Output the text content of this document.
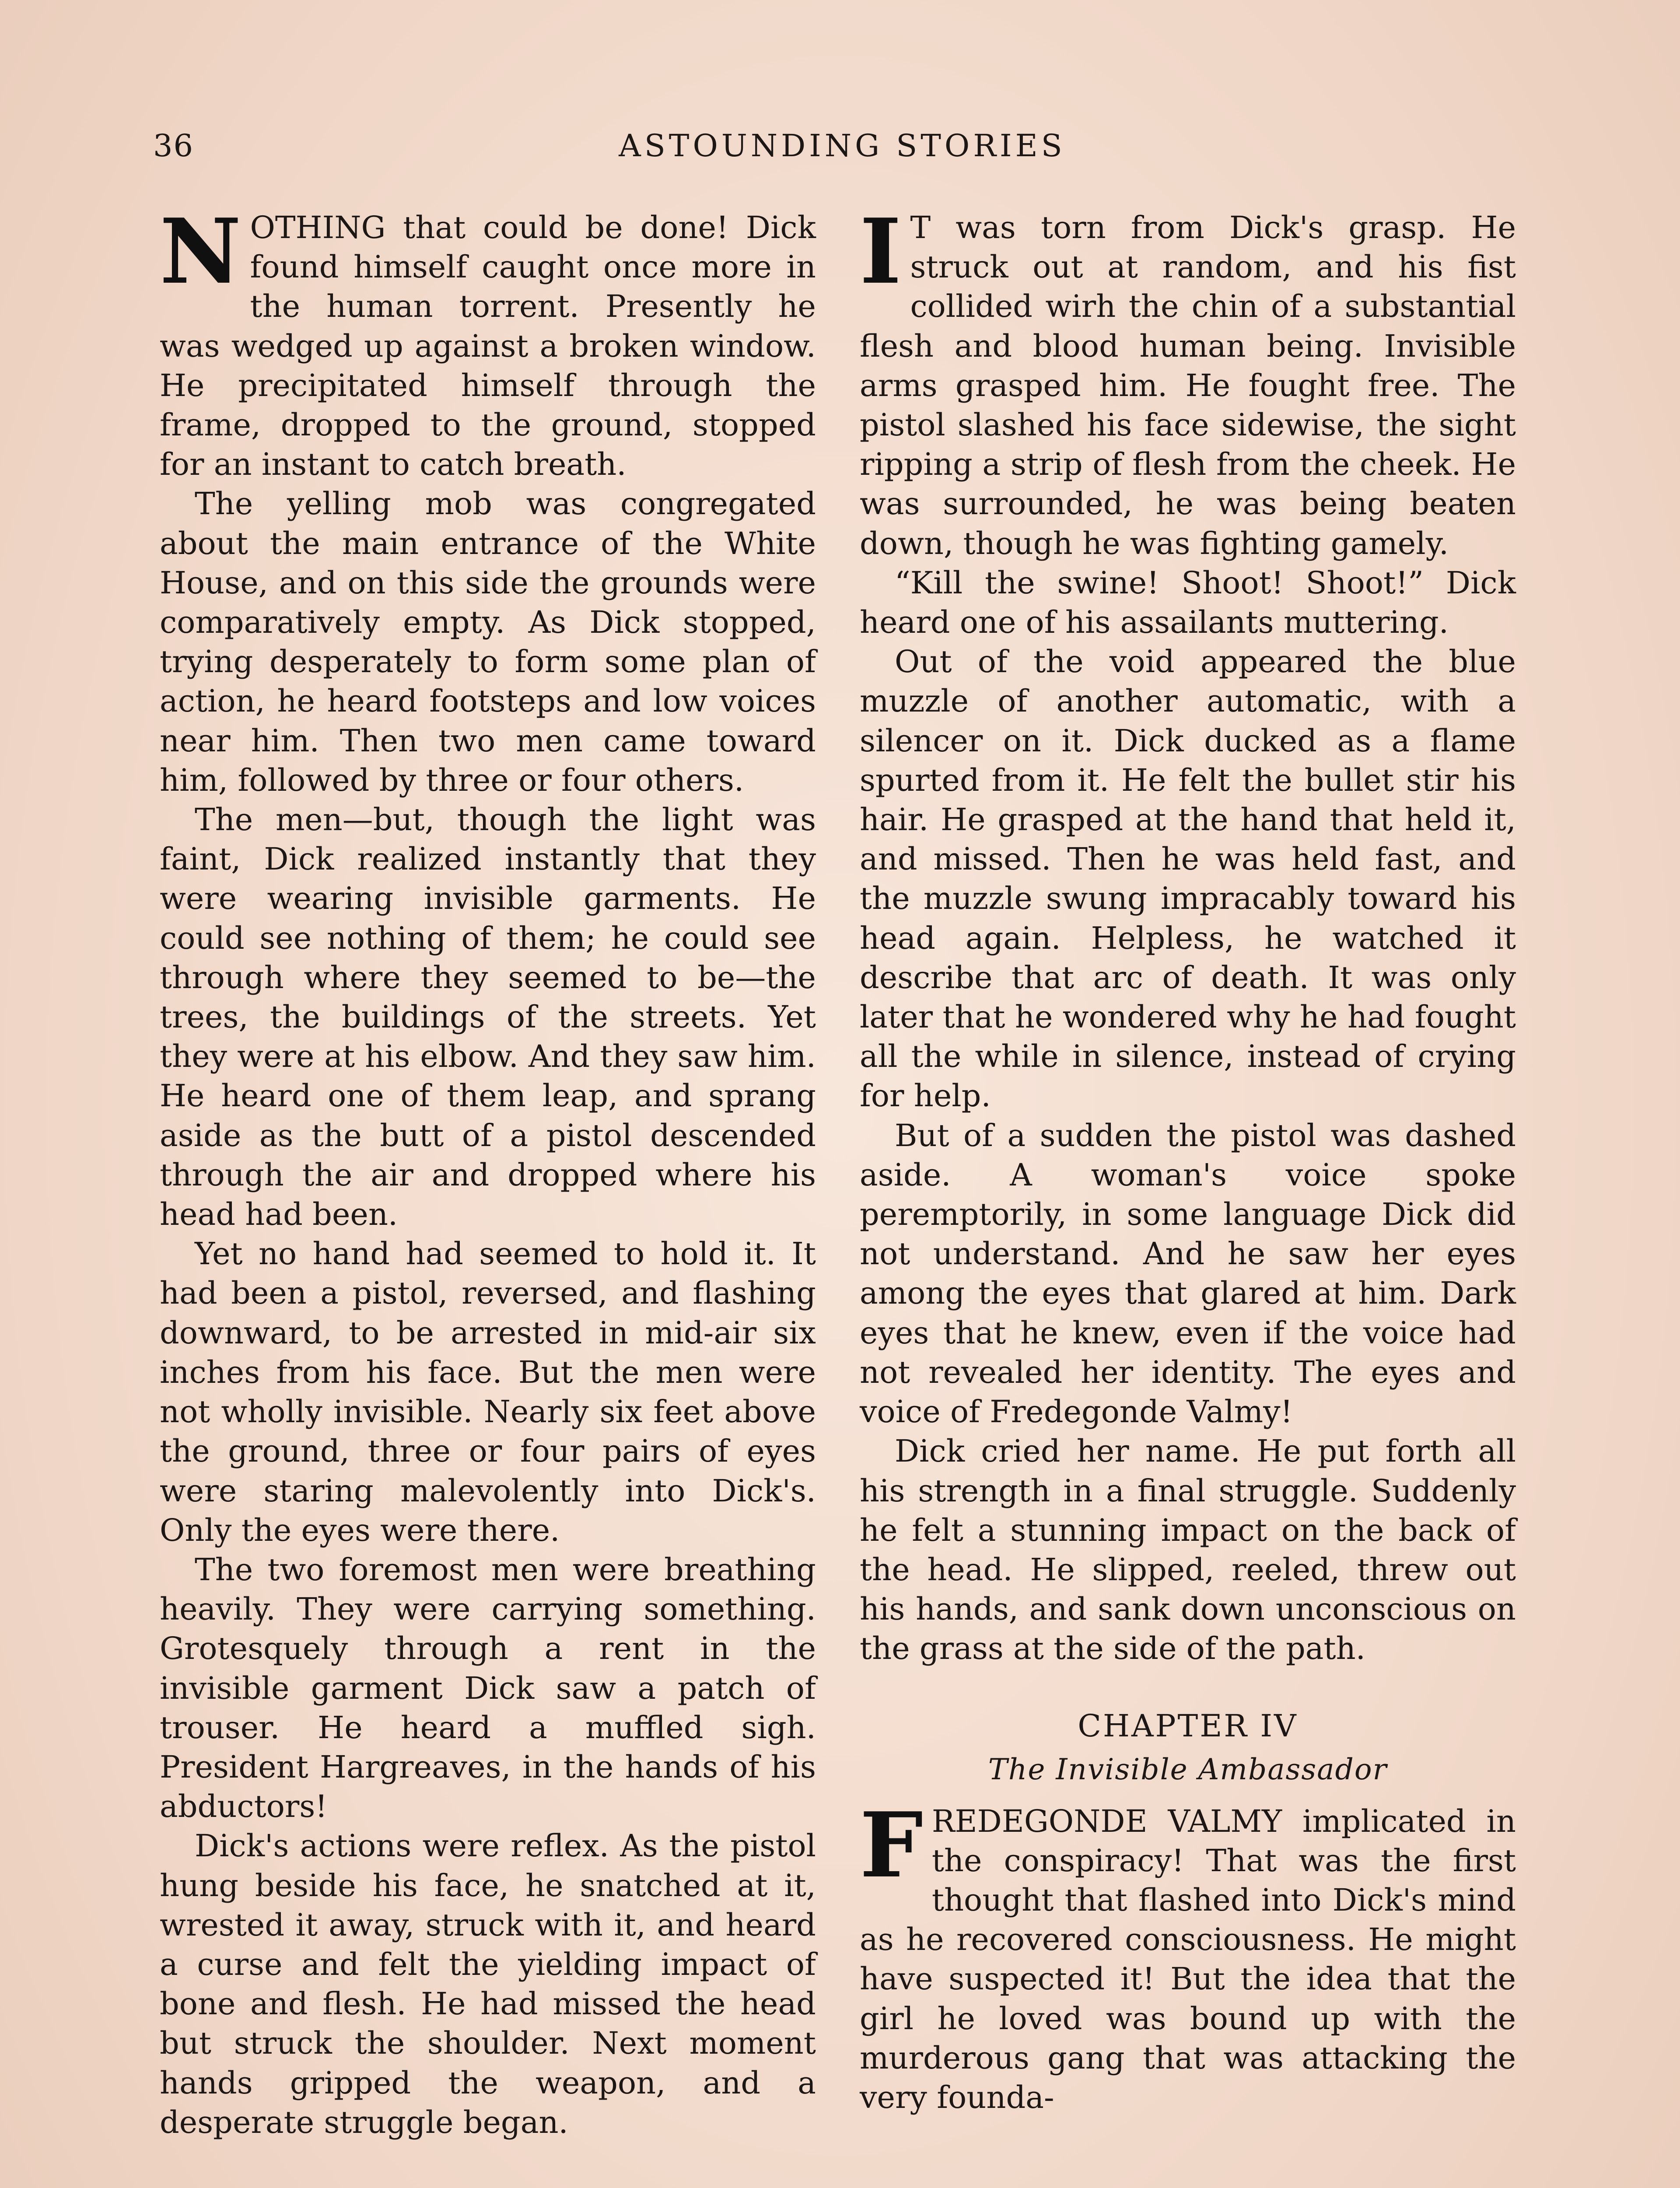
36	ASTOUNDING STORIES

NOTHING that could be done! Dick found himself caught once more in the human torrent. Presently he was wedged up against a broken window. He precipitated himself through the frame, dropped to the ground, stopped for an instant to catch breath.

The yelling mob was congregated about the main entrance of the White House, and on this side the grounds were comparatively empty. As Dick stopped, trying desperately to form some plan of action, he heard footsteps and low voices near him. Then two men came toward him, followed by three or four others.

The men—but, though the light was faint, Dick realized instantly that they were wearing invisible garments. He could see nothing of them; he could see through where they seemed to be—the trees, the buildings of the streets. Yet they were at his elbow. And they saw him. He heard one of them leap, and sprang aside as the butt of a pistol descended through the air and dropped where his head had been.

Yet no hand had seemed to hold it. It had been a pistol, reversed, and flashing downward, to be arrested in mid-air six inches from his face. But the men were not wholly invisible. Nearly six feet above the ground, three or four pairs of eyes were staring malevolently into Dick's. Only the eyes were there.

The two foremost men were breathing heavily. They were carrying something. Grotesquely through a rent in the invisible garment Dick saw a patch of trouser. He heard a muffled sigh. President Hargreaves, in the hands of his abductors!

Dick's actions were reflex. As the pistol hung beside his face, he snatched at it, wrested it away, struck with it, and heard a curse and felt the yielding impact of bone and flesh. He had missed the head but struck the shoulder. Next moment hands gripped the weapon, and a desperate struggle began.

I T was torn from Dick's grasp. He struck out at random, and his fist collided wirh the chin of a substantial flesh and blood human being. Invisible arms grasped him. He fought free. The pistol slashed his face sidewise, the sight ripping a strip of flesh from the cheek. He was surrounded, he was being beaten down, though he was fighting gamely.

“Kill the swine! Shoot! Shoot!” Dick heard one of his assailants muttering.

Out of the void appeared the blue muzzle of another automatic, with a silencer on it. Dick ducked as a flame spurted from it. He felt the bullet stir his hair. He grasped at the hand that held it, and missed. Then he was held fast, and the muzzle swung impracably toward his head again. Helpless, he watched it describe that arc of death. It was only later that he wondered why he had fought all the while in silence, instead of crying for help.

But of a sudden the pistol was dashed aside. A woman's voice spoke peremptorily, in some language Dick did not understand. And he saw her eyes among the eyes that glared at him. Dark eyes that he knew, even if the voice had not revealed her identity. The eyes and voice of Fredegonde Valmy!

Dick cried her name. He put forth all his strength in a final struggle. Suddenly he felt a stunning impact on the back of the head. He slipped, reeled, threw out his hands, and sank down unconscious on the grass at the side of the path.

CHAPTER IV
The Invisible Ambassador

FREDEGONDE VALMY implicated in the conspiracy! That was the first thought that flashed into Dick's mind as he recovered consciousness. He might have suspected it! But the idea that the girl he loved was bound up with the murderous gang that was attacking the very founda-
